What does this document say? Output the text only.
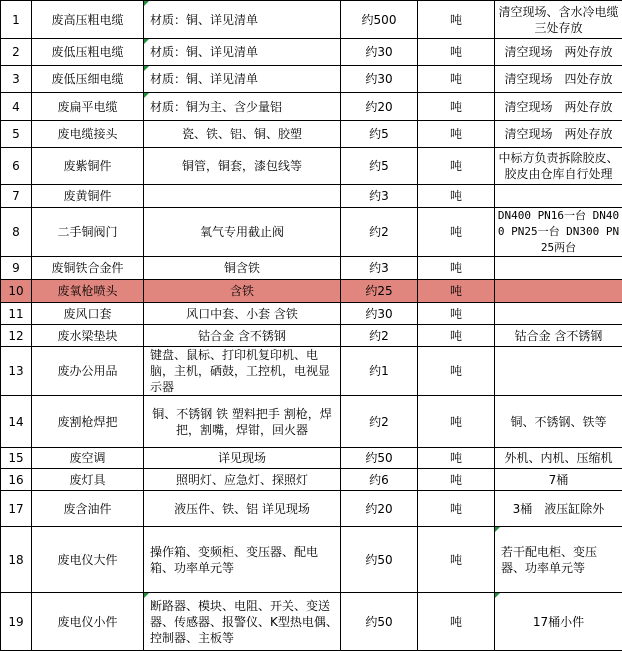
1	废高压粗电缆	材质：铜、详见清单	约500	吨	清空现场、含水冷电缆 三处存放
2	废低压粗电缆	材质：铜、详见清单	约30	吨	清空现场　两处存放
3	废低压细电缆	材质：铜、详见清单	约30	吨	清空现场　四处存放
4	废扁平电缆	材质：铜为主、含少量铝	约20	吨	清空现场　两处存放
5	废电缆接头	瓷、铁、铝、铜、胶塑	约5	吨	清空现场　两处存放
6	废紫铜件	铜管，铜套，漆包线等	约5	吨	中标方负责拆除胶皮、胶皮由仓库自行处理
7	废黄铜件		约3	吨	
8	二手铜阀门	氧气专用截止阀	约2	吨	DN400 PN16一台 DN400 PN25一台 DN300 PN25两台
9	废铜铁合金件	铜含铁	约3	吨	
10	废氧枪喷头	含铁	约25	吨	
11	废风口套	风口中套、小套 含铁	约30	吨	
12	废水梁垫块	钴合金 含不锈钢	约2	吨	钴合金 含不锈钢
13	废办公用品	键盘、鼠标、打印机复印机、电脑，主机，硒鼓，工控机，电视显示器	约1	吨	
14	废割枪焊把	铜、不锈钢 铁 塑料把手 割枪，焊把，割嘴，焊钳，回火器	约2	吨	铜、不锈钢、铁等
15	废空调	详见现场	约50	吨	外机、内机、压缩机
16	废灯具	照明灯、应急灯、探照灯	约6	吨	7桶
17	废含油件	液压件、铁、铝 详见现场	约20	吨	3桶　液压缸除外
18	废电仪大件	操作箱、变频柜、变压器、配电箱、功率单元等	约50	吨	若干配电柜、变压器、功率单元等
19	废电仪小件	断路器、模块、电阻、开关、变送器、传感器、报警仪、K型热电偶、控制器、主板等	约50	吨	17桶小件
